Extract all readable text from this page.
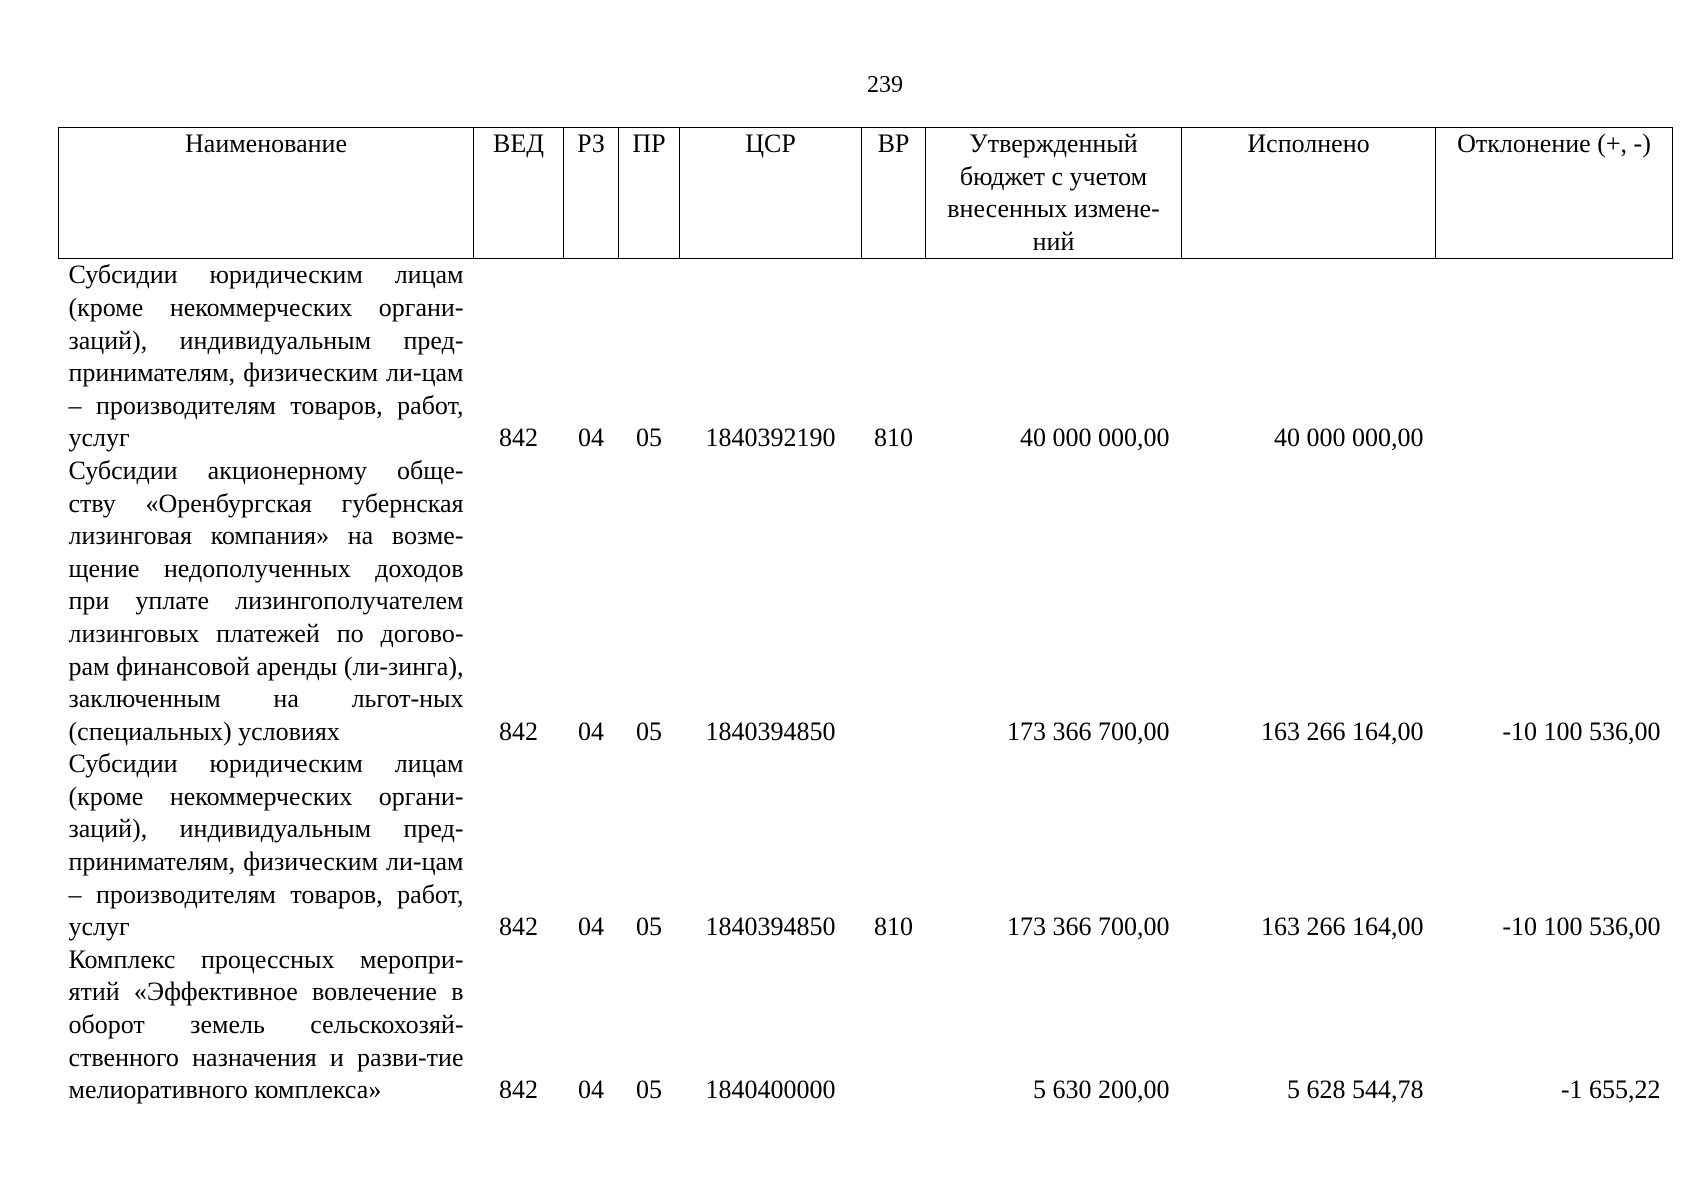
239
Наименование	ВЕД	РЗ	ПР	ЦСР	ВР	Утвержденный бюджет с учетом внесенных измене-ний	Исполнено	Отклонение (+, -)
Субсидии юридическим лицам (кроме некоммерческих органи-заций), индивидуальным пред-принимателям, физическим ли-цам – производителям товаров, работ, услуг	842	04	05	1840392190	810	40 000 000,00	40 000 000,00	
Субсидии акционерному обще-ству «Оренбургская губернская лизинговая компания» на возме-щение недополученных доходов при уплате лизингополучателем лизинговых платежей по догово-рам финансовой аренды (ли-зинга), заключенным на льгот-ных (специальных) условиях	842	04	05	1840394850		173 366 700,00	163 266 164,00	-10 100 536,00
Субсидии юридическим лицам (кроме некоммерческих органи-заций), индивидуальным пред-принимателям, физическим ли-цам – производителям товаров, работ, услуг	842	04	05	1840394850	810	173 366 700,00	163 266 164,00	-10 100 536,00
Комплекс процессных меропри-ятий «Эффективное вовлечение в оборот земель сельскохозяй-ственного назначения и разви-тие мелиоративного комплекса»	842	04	05	1840400000		5 630 200,00	5 628 544,78	-1 655,22
